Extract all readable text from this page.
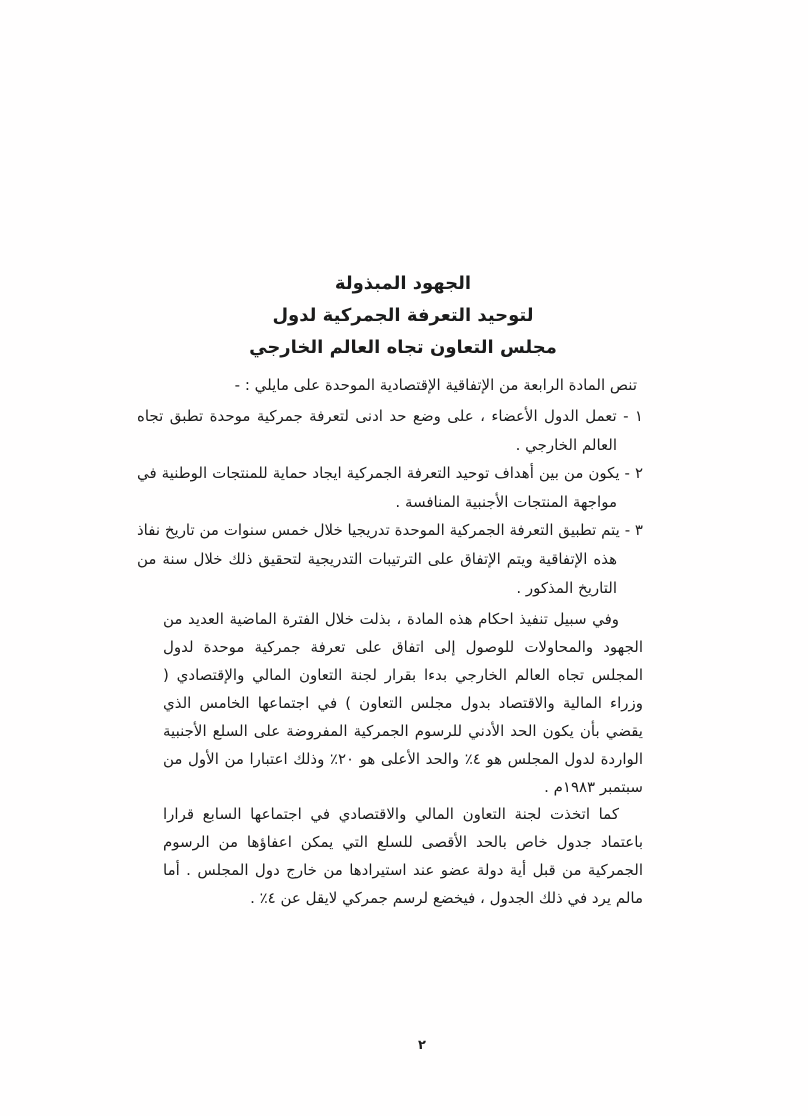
الجهود المبذولة
لتوحيد التعرفة الجمركية لدول
مجلس التعاون تجاه العالم الخارجي
تنص المادة الرابعة من الإتفاقية الإقتصادية الموحدة على مايلي : -
١ - تعمل الدول الأعضاء ، على وضع حد ادنى لتعرفة جمركية موحدة تطبق تجاه العالم الخارجي .
٢ - يكون من بين أهداف توحيد التعرفة الجمركية ايجاد حماية للمنتجات الوطنية في مواجهة المنتجات الأجنبية المنافسة .
٣ - يتم تطبيق التعرفة الجمركية الموحدة تدريجيا خلال خمس سنوات من تاريخ نفاذ هذه الإتفاقية ويتم الإتفاق على الترتيبات التدريجية لتحقيق ذلك خلال سنة من التاريخ المذكور .
وفي سبيل تنفيذ احكام هذه المادة ، بذلت خلال الفترة الماضية العديد من الجهود والمحاولات للوصول إلى اتفاق على تعرفة جمركية موحدة لدول المجلس تجاه العالم الخارجي بدءا بقرار لجنة التعاون المالي والإقتصادي ( وزراء المالية والاقتصاد بدول مجلس التعاون ) في اجتماعها الخامس الذي يقضي بأن يكون الحد الأدني للرسوم الجمركية المفروضة على السلع الأجنبية الواردة لدول المجلس هو ٤٪ والحد الأعلى هو ٢٠٪ وذلك اعتبارا من الأول من سبتمبر ١٩٨٣م .
كما اتخذت لجنة التعاون المالي والاقتصادي في اجتماعها السابع قرارا باعتماد جدول خاص بالحد الأقصى للسلع التي يمكن اعفاؤها من الرسوم الجمركية من قبل أية دولة عضو عند استيرادها من خارج دول المجلس . أما مالم يرد في ذلك الجدول ، فيخضع لرسم جمركي لايقل عن ٤٪ .
٢
